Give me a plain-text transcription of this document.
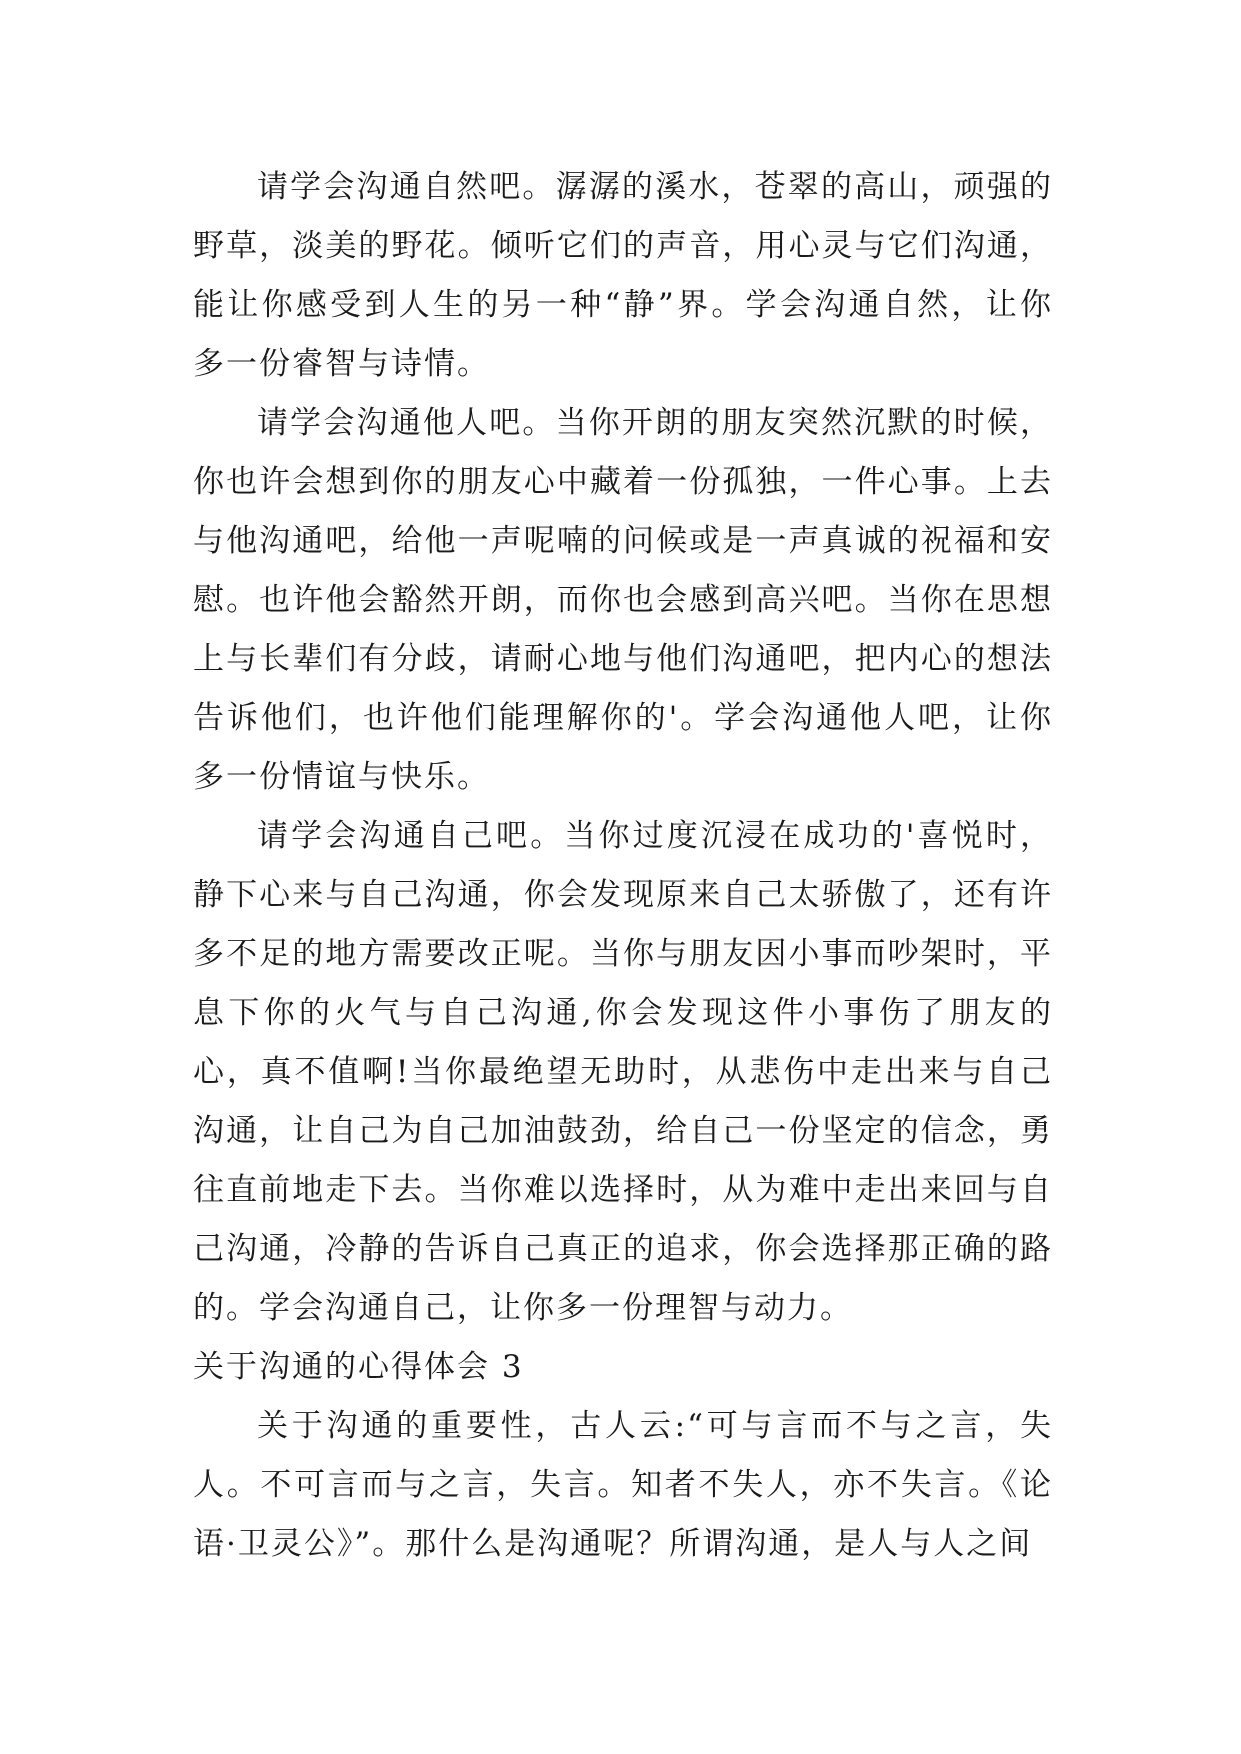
请学会沟通自然吧。潺潺的溪水，苍翠的高山，顽强的野草，淡美的野花。倾听它们的声音，用心灵与它们沟通，能让你感受到人生的另一种“静”界。学会沟通自然，让你多一份睿智与诗情。

请学会沟通他人吧。当你开朗的朋友突然沉默的时候，你也许会想到你的朋友心中藏着一份孤独，一件心事。上去与他沟通吧，给他一声呢喃的问候或是一声真诚的祝福和安慰。也许他会豁然开朗，而你也会感到高兴吧。当你在思想上与长辈们有分歧，请耐心地与他们沟通吧，把内心的想法告诉他们，也许他们能理解你的'。学会沟通他人吧，让你多一份情谊与快乐。

请学会沟通自己吧。当你过度沉浸在成功的'喜悦时，静下心来与自己沟通，你会发现原来自己太骄傲了，还有许多不足的地方需要改正呢。当你与朋友因小事而吵架时，平息下你的火气与自己沟通,你会发现这件小事伤了朋友的心，真不值啊!当你最绝望无助时，从悲伤中走出来与自己沟通，让自己为自己加油鼓劲，给自己一份坚定的信念，勇往直前地走下去。当你难以选择时，从为难中走出来回与自己沟通，冷静的告诉自己真正的追求，你会选择那正确的路的。学会沟通自己，让你多一份理智与动力。

关于沟通的心得体会 3

关于沟通的重要性，古人云:“可与言而不与之言，失人。不可言而与之言，失言。知者不失人，亦不失言。《论语·卫灵公》”。那什么是沟通呢？所谓沟通，是人与人之间
